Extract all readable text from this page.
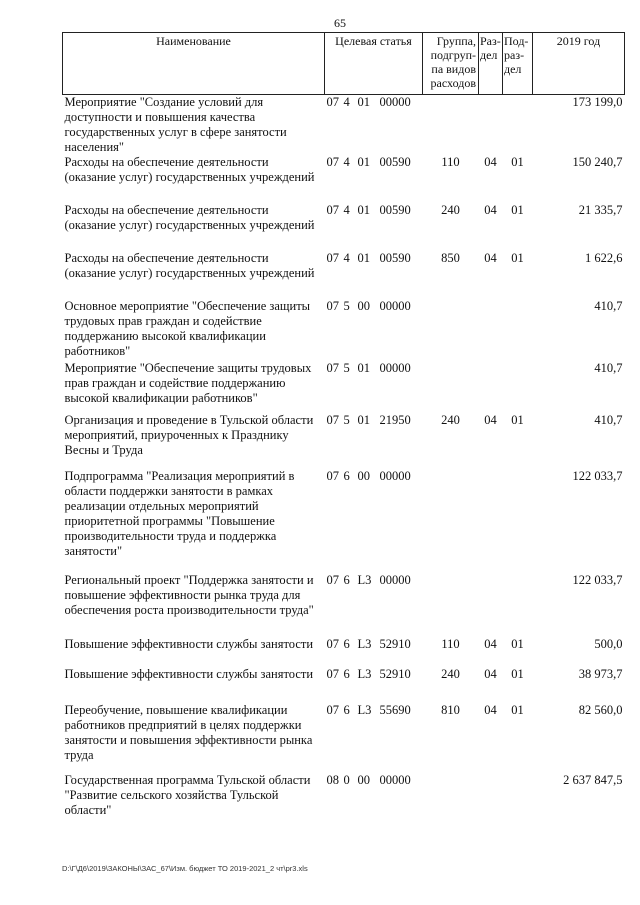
65
Наименование	Целевая статья	Группа, подгруп-па видов расходов	Раз-дел	Под-раз-дел	2019 год
Мероприятие "Создание условий для доступности и повышения качества государственных услуг в сфере занятости населения"	07 4 01 00000				173 199,0
Расходы на обеспечение деятельности (оказание услуг) государственных учреждений	07 4 01 00590	110	04	01	150 240,7
Расходы на обеспечение деятельности (оказание услуг) государственных учреждений	07 4 01 00590	240	04	01	21 335,7
Расходы на обеспечение деятельности (оказание услуг) государственных учреждений	07 4 01 00590	850	04	01	1 622,6
Основное мероприятие "Обеспечение защиты трудовых прав граждан и содействие поддержанию высокой квалификации работников"	07 5 00 00000				410,7
Мероприятие "Обеспечение защиты трудовых прав граждан и содействие поддержанию высокой квалификации работников"	07 5 01 00000				410,7
Организация и проведение в Тульской области мероприятий, приуроченных к Празднику Весны и Труда	07 5 01 21950	240	04	01	410,7
Подпрограмма "Реализация мероприятий в области поддержки занятости в рамках реализации отдельных мероприятий приоритетной программы "Повышение производительности труда и поддержка занятости"	07 6 00 00000				122 033,7
Региональный проект "Поддержка занятости и повышение эффективности рынка труда для обеспечения роста производительности труда"	07 6 L3 00000				122 033,7
Повышение эффективности службы занятости	07 6 L3 52910	110	04	01	500,0
Повышение эффективности службы занятости	07 6 L3 52910	240	04	01	38 973,7
Переобучение, повышение квалификации работников предприятий в целях поддержки занятости и повышения эффективности рынка труда	07 6 L3 55690	810	04	01	82 560,0
Государственная программа Тульской области "Развитие сельского хозяйства Тульской области"	08 0 00 00000				2 637 847,5
D:\Г\Д6\2019\ЗАКОНЫ\ЗАС_67\Изм. бюджет ТО 2019-2021_2 чт\pr3.xls
